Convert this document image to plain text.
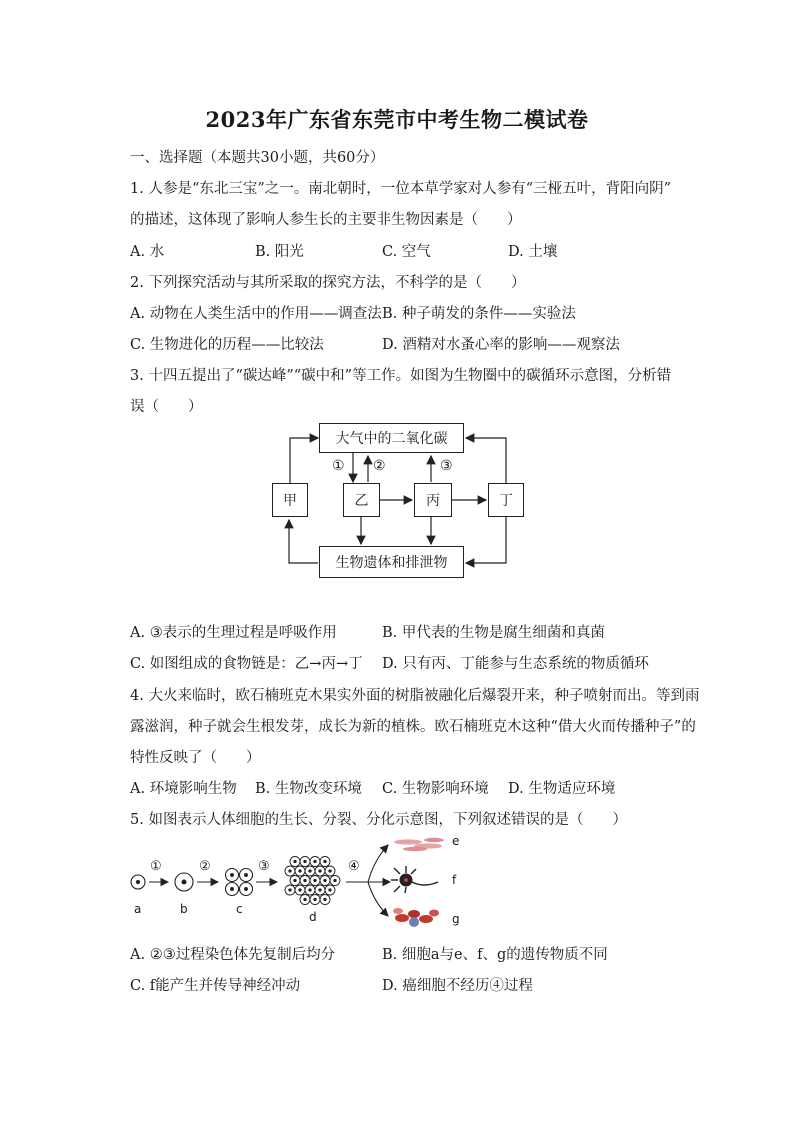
2023年广东省东莞市中考生物二模试卷
一、选择题（本题共30小题，共60分）
1. 人参是“东北三宝”之一。南北朝时，一位本草学家对人参有“三桠五叶，背阳向阴”
的描述，这体现了影响人参生长的主要非生物因素是（　　）
A. 水	B. 阳光	C. 空气	D. 土壤
2. 下列探究活动与其所采取的探究方法，不科学的是（　　）
A. 动物在人类生活中的作用——调查法 B. 种子萌发的条件——实验法
C. 生物进化的历程——比较法	D. 酒精对水蚤心率的影响——观察法
3. 十四五提出了“碳达峰”“碳中和”等工作。如图为生物圈中的碳循环示意图，分析错
误（　　）
大气中的二氧化碳
甲	乙	丙	丁
生物遗体和排泄物
① ②	③
A. ③表示的生理过程是呼吸作用	B. 甲代表的生物是腐生细菌和真菌
C. 如图组成的食物链是：乙→丙→丁 D. 只有丙、丁能参与生态系统的物质循环
4. 大火来临时，欧石楠班克木果实外面的树脂被融化后爆裂开来，种子喷射而出。等到雨
露滋润，种子就会生根发芽，成长为新的植株。欧石楠班克木这种“借大火而传播种子”的
特性反映了（　　）
A. 环境影响生物 B. 生物改变环境 C. 生物影响环境 D. 生物适应环境
5. 如图表示人体细胞的生长、分裂、分化示意图，下列叙述错误的是（　　）
①	②	③	④
a	b	c
d
e
f
g
A. ②③过程染色体先复制后均分	B. 细胞a与e、f、g的遗传物质不同
C. f能产生并传导神经冲动	D. 癌细胞不经历④过程
